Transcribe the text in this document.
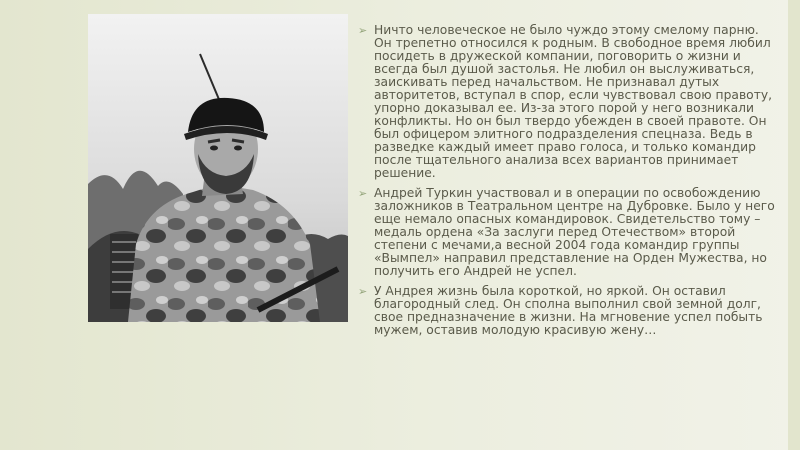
➢ Ничто человеческое не было чуждо этому смелому парню. Он трепетно относился к родным. В свободное время любил посидеть в дружеской компании, поговорить о жизни и всегда был душой застолья. Не любил он выслуживаться, заискивать перед начальством. Не признавал дутых авторитетов, вступал в спор, если чувствовал свою правоту, упорно доказывал ее. Из-за этого порой у него возникали конфликты. Но он был твердо убежден в своей правоте. Он был офицером элитного подразделения спецназа. Ведь в разведке каждый имеет право голоса, и только командир после тщательного анализа всех вариантов принимает решение.
➢ Андрей Туркин участвовал и в операции по освобождению заложников в Театральном центре на Дубровке. Было у него еще немало опасных командировок. Свидетельство тому – медаль ордена «За заслуги перед Отечеством» второй степени с мечами,а весной 2004 года командир группы «Вымпел» направил представление на Орден Мужества, но получить его Андрей не успел.
➢ У Андрея жизнь была короткой, но яркой. Он оставил благородный след. Он сполна выполнил свой земной долг, свое предназначение в жизни. На мгновение успел побыть мужем, оставив молодую красивую жену…
